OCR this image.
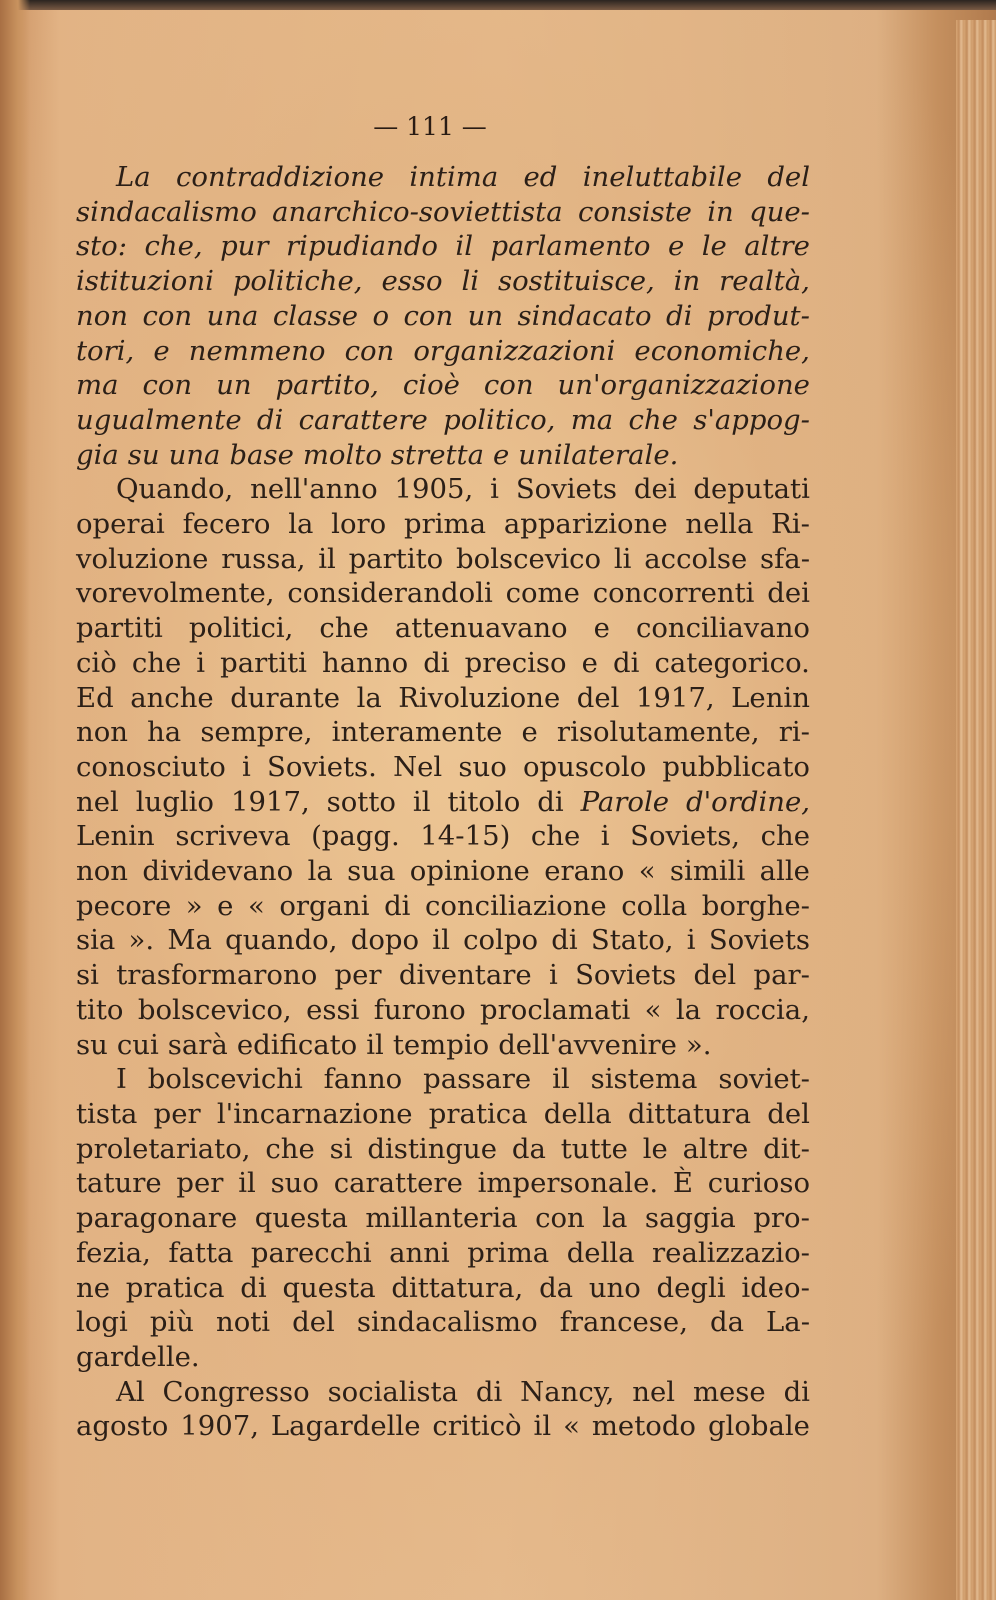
— 111 —
La contraddizione intima ed ineluttabile del
sindacalismo anarchico-soviettista consiste in que-
sto: che, pur ripudiando il parlamento e le altre
istituzioni politiche, esso li sostituisce, in realtà,
non con una classe o con un sindacato di produt-
tori, e nemmeno con organizzazioni economiche,
ma con un partito, cioè con un'organizzazione
ugualmente di carattere politico, ma che s'appog-
gia su una base molto stretta e unilaterale.
Quando, nell'anno 1905, i Soviets dei deputati
operai fecero la loro prima apparizione nella Ri-
voluzione russa, il partito bolscevico li accolse sfa-
vorevolmente, considerandoli come concorrenti dei
partiti politici, che attenuavano e conciliavano
ciò che i partiti hanno di preciso e di categorico.
Ed anche durante la Rivoluzione del 1917, Lenin
non ha sempre, interamente e risolutamente, ri-
conosciuto i Soviets. Nel suo opuscolo pubblicato
nel luglio 1917, sotto il titolo di Parole d'ordine,
Lenin scriveva (pagg. 14-15) che i Soviets, che
non dividevano la sua opinione erano « simili alle
pecore » e « organi di conciliazione colla borghe-
sia ». Ma quando, dopo il colpo di Stato, i Soviets
si trasformarono per diventare i Soviets del par-
tito bolscevico, essi furono proclamati « la roccia,
su cui sarà edificato il tempio dell'avvenire ».
I bolscevichi fanno passare il sistema soviet-
tista per l'incarnazione pratica della dittatura del
proletariato, che si distingue da tutte le altre dit-
tature per il suo carattere impersonale. È curioso
paragonare questa millanteria con la saggia pro-
fezia, fatta parecchi anni prima della realizzazio-
ne pratica di questa dittatura, da uno degli ideo-
logi più noti del sindacalismo francese, da La-
gardelle.
Al Congresso socialista di Nancy, nel mese di
agosto 1907, Lagardelle criticò il « metodo globale
